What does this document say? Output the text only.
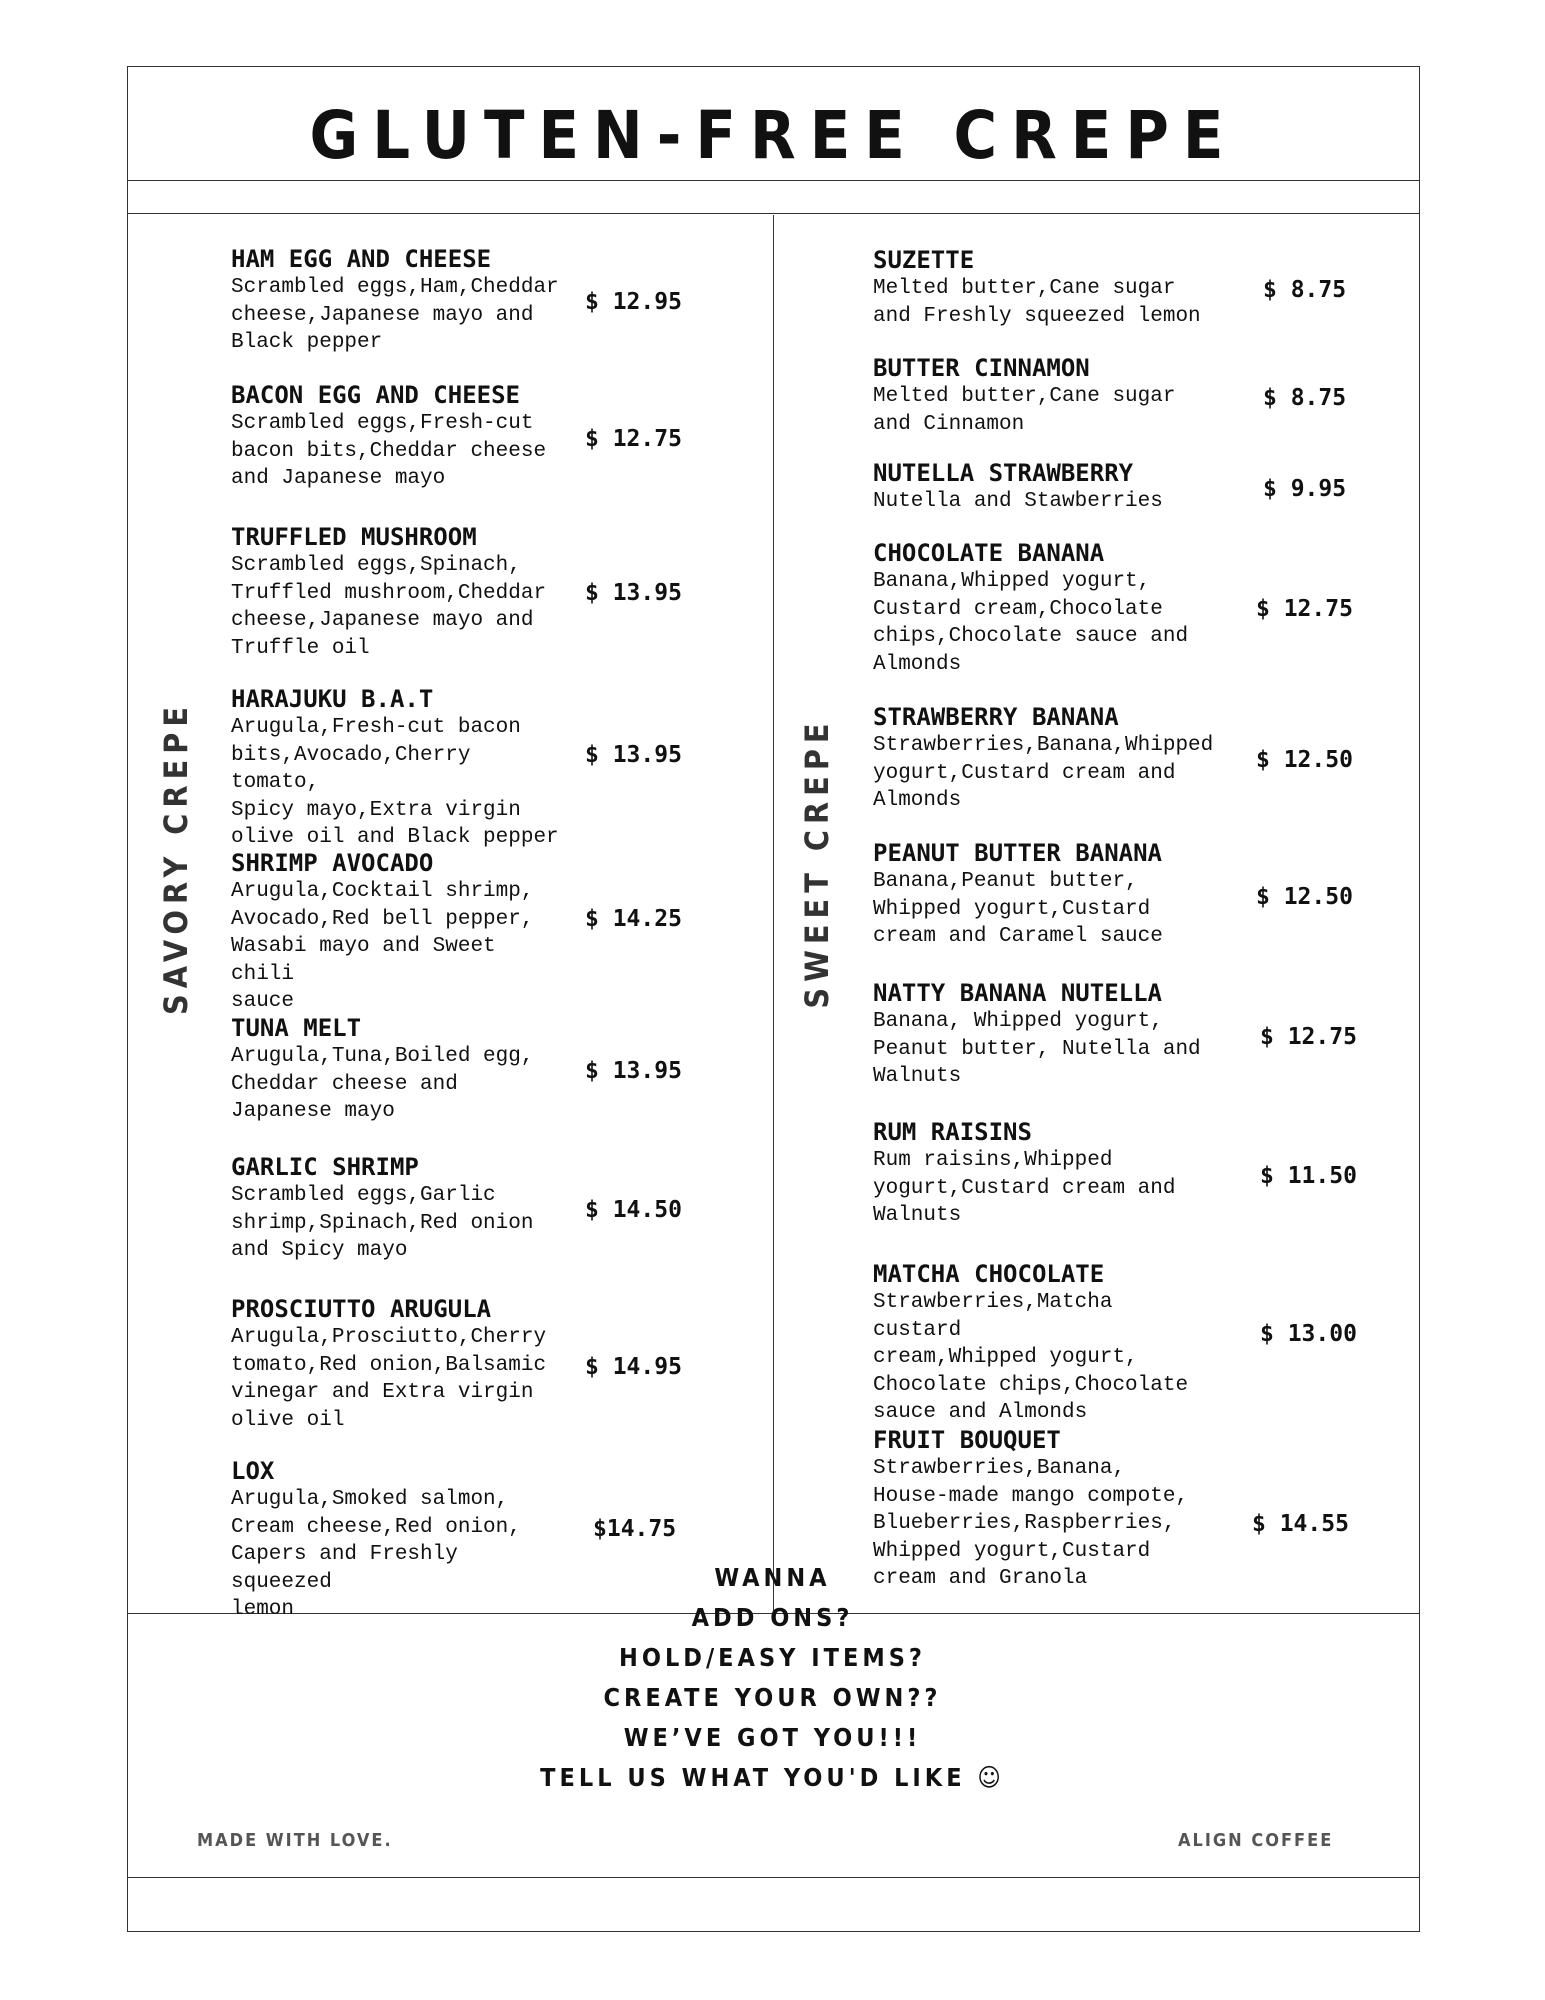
GLUTEN-FREE CREPE
SAVORY CREPE
HAM EGG AND CHEESE
Scrambled eggs,Ham,Cheddar
cheese,Japanese mayo and
Black pepper
$ 12.95
BACON EGG AND CHEESE
Scrambled eggs,Fresh-cut
bacon bits,Cheddar cheese
and Japanese mayo
$ 12.75
TRUFFLED MUSHROOM
Scrambled eggs,Spinach,
Truffled mushroom,Cheddar
cheese,Japanese mayo and
Truffle oil
$ 13.95
HARAJUKU B.A.T
Arugula,Fresh-cut bacon
bits,Avocado,Cherry tomato,
Spicy mayo,Extra virgin
olive oil and Black pepper
$ 13.95
SHRIMP AVOCADO
Arugula,Cocktail shrimp,
Avocado,Red bell pepper,
Wasabi mayo and Sweet chili
sauce
$ 14.25
TUNA MELT
Arugula,Tuna,Boiled egg,
Cheddar cheese and
Japanese mayo
$ 13.95
GARLIC SHRIMP
Scrambled eggs,Garlic
shrimp,Spinach,Red onion
and Spicy mayo
$ 14.50
PROSCIUTTO ARUGULA
Arugula,Prosciutto,Cherry
tomato,Red onion,Balsamic
vinegar and Extra virgin
olive oil
$ 14.95
LOX
Arugula,Smoked salmon,
Cream cheese,Red onion,
Capers and Freshly squeezed
lemon
$14.75
SWEET CREPE
SUZETTE
Melted butter,Cane sugar
and Freshly squeezed lemon
$ 8.75
BUTTER CINNAMON
Melted butter,Cane sugar
and Cinnamon
$ 8.75
NUTELLA STRAWBERRY
Nutella and Stawberries	$ 9.95
CHOCOLATE BANANA
Banana,Whipped yogurt,
Custard cream,Chocolate
chips,Chocolate sauce and
Almonds
$ 12.75
STRAWBERRY BANANA
Strawberries,Banana,Whipped
yogurt,Custard cream and
Almonds
$ 12.50
PEANUT BUTTER BANANA
Banana,Peanut butter,
Whipped yogurt,Custard
cream and Caramel sauce
$ 12.50
NATTY BANANA NUTELLA
Banana, Whipped yogurt,
Peanut butter, Nutella and
Walnuts
$ 12.75
RUM RAISINS
Rum raisins,Whipped
yogurt,Custard cream and
Walnuts
$ 11.50
MATCHA CHOCOLATE
Strawberries,Matcha custard
cream,Whipped yogurt,
Chocolate chips,Chocolate
sauce and Almonds
$ 13.00
FRUIT BOUQUET
Strawberries,Banana,
House-made mango compote,
Blueberries,Raspberries,
Whipped yogurt,Custard
cream and Granola
$ 14.55
WANNA
ADD ONS?
HOLD/EASY ITEMS?
CREATE YOUR OWN??
WE’VE GOT YOU!!!
TELL US WHAT YOU'D LIKE ☺
MADE WITH LOVE.	ALIGN COFFEE
